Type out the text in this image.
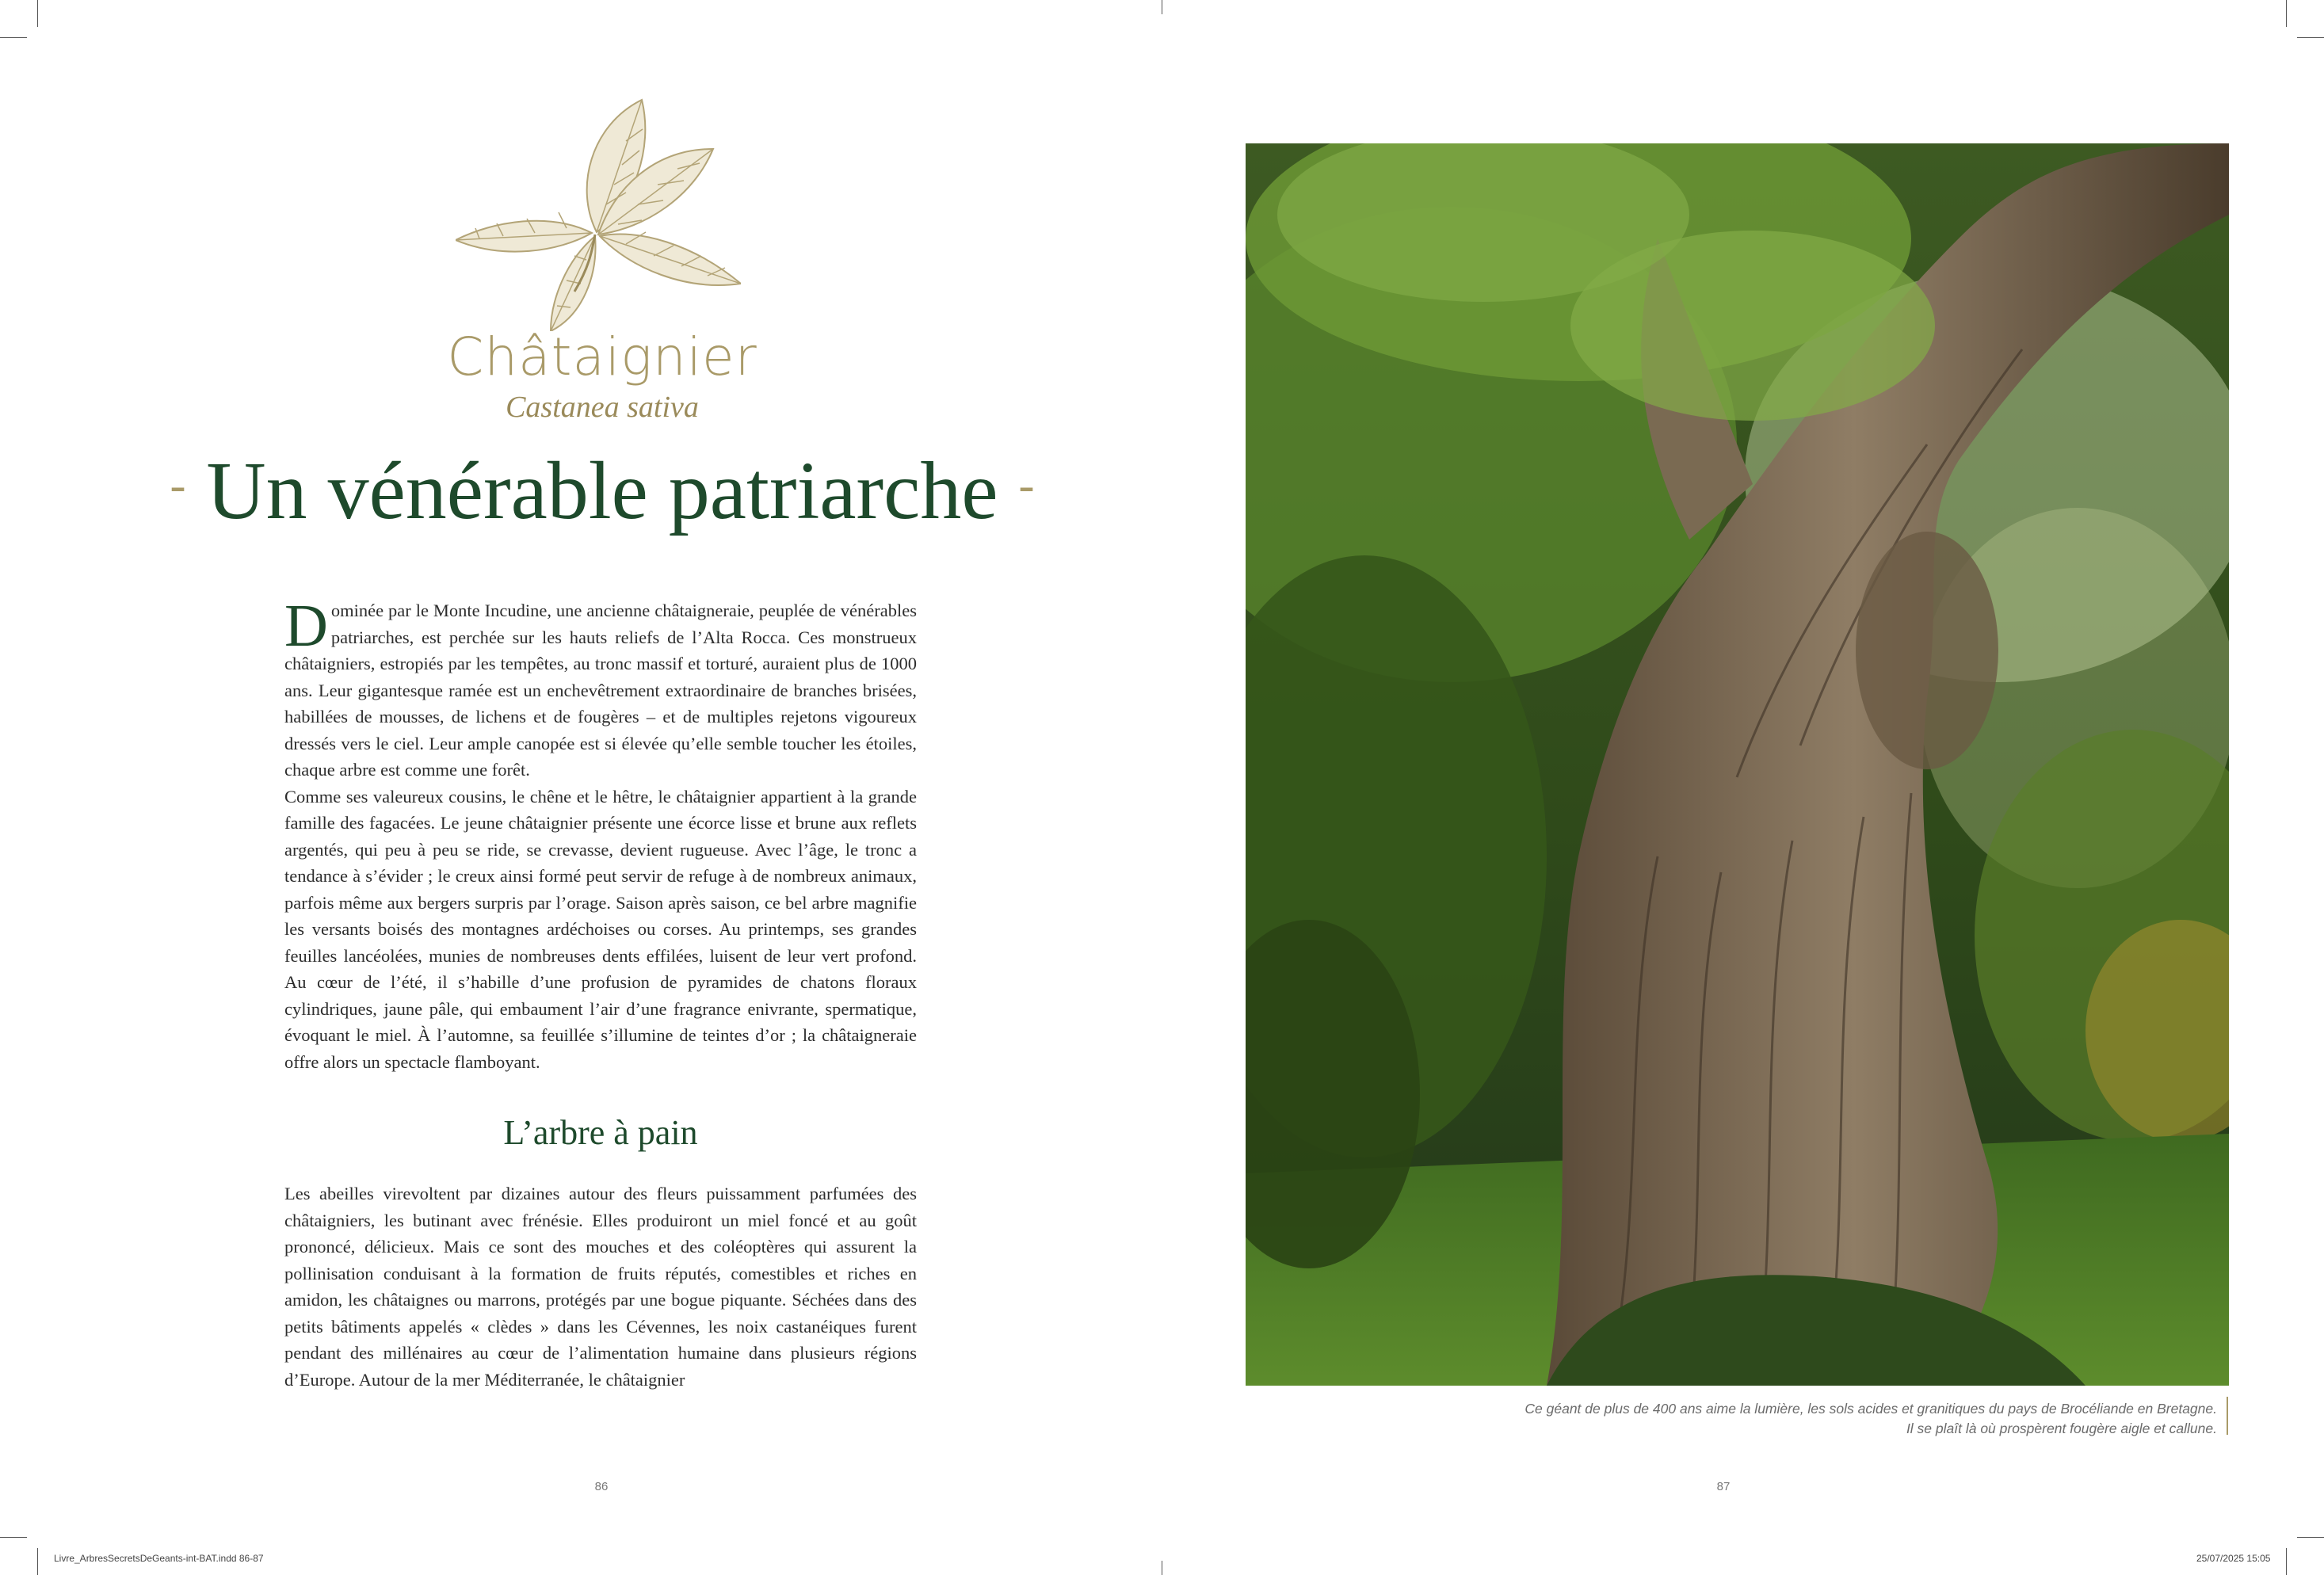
Châtaignier
Castanea sativa
- Un vénérable patriarche -

Dominée par le Monte Incudine, une ancienne châtaigneraie, peuplée de vénérables patriarches, est perchée sur les hauts reliefs de l’Alta Rocca. Ces monstrueux châtaigniers, estropiés par les tempêtes, au tronc massif et torturé, auraient plus de 1000 ans. Leur gigantesque ramée est un enchevêtrement extraordinaire de branches brisées, habillées de mousses, de lichens et de fougères – et de multiples rejetons vigoureux dressés vers le ciel. Leur ample canopée est si élevée qu’elle semble toucher les étoiles, chaque arbre est comme une forêt.

Comme ses valeureux cousins, le chêne et le hêtre, le châtaignier appartient à la grande famille des fagacées. Le jeune châtaignier présente une écorce lisse et brune aux reflets argentés, qui peu à peu se ride, se crevasse, devient rugueuse. Avec l’âge, le tronc a tendance à s’évider ; le creux ainsi formé peut servir de refuge à de nombreux animaux, parfois même aux bergers surpris par l’orage. Saison après saison, ce bel arbre magnifie les versants boisés des montagnes ardéchoises ou corses. Au printemps, ses grandes feuilles lancéolées, munies de nombreuses dents effilées, luisent de leur vert profond. Au cœur de l’été, il s’habille d’une profusion de pyramides de chatons floraux cylindriques, jaune pâle, qui embaument l’air d’une fragrance enivrante, spermatique, évoquant le miel. À l’automne, sa feuillée s’illumine de teintes d’or ; la châtaigneraie offre alors un spectacle flamboyant.

L’arbre à pain

Les abeilles virevoltent par dizaines autour des fleurs puissamment parfumées des châtaigniers, les butinant avec frénésie. Elles produiront un miel foncé et au goût prononcé, délicieux. Mais ce sont des mouches et des coléoptères qui assurent la pollinisation conduisant à la formation de fruits réputés, comestibles et riches en amidon, les châtaignes ou marrons, protégés par une bogue piquante. Séchées dans des petits bâtiments appelés « clèdes » dans les Cévennes, les noix castanéiques furent pendant des millénaires au cœur de l’alimentation humaine dans plusieurs régions d’Europe. Autour de la mer Méditerranée, le châtaignier

86
Ce géant de plus de 400 ans aime la lumière, les sols acides et granitiques du pays de Brocéliande en Bretagne.
Il se plaît là où prospèrent fougère aigle et callune.
87
Livre_ArbresSecretsDeGeants-int-BAT.indd 86-87	25/07/2025 15:05
